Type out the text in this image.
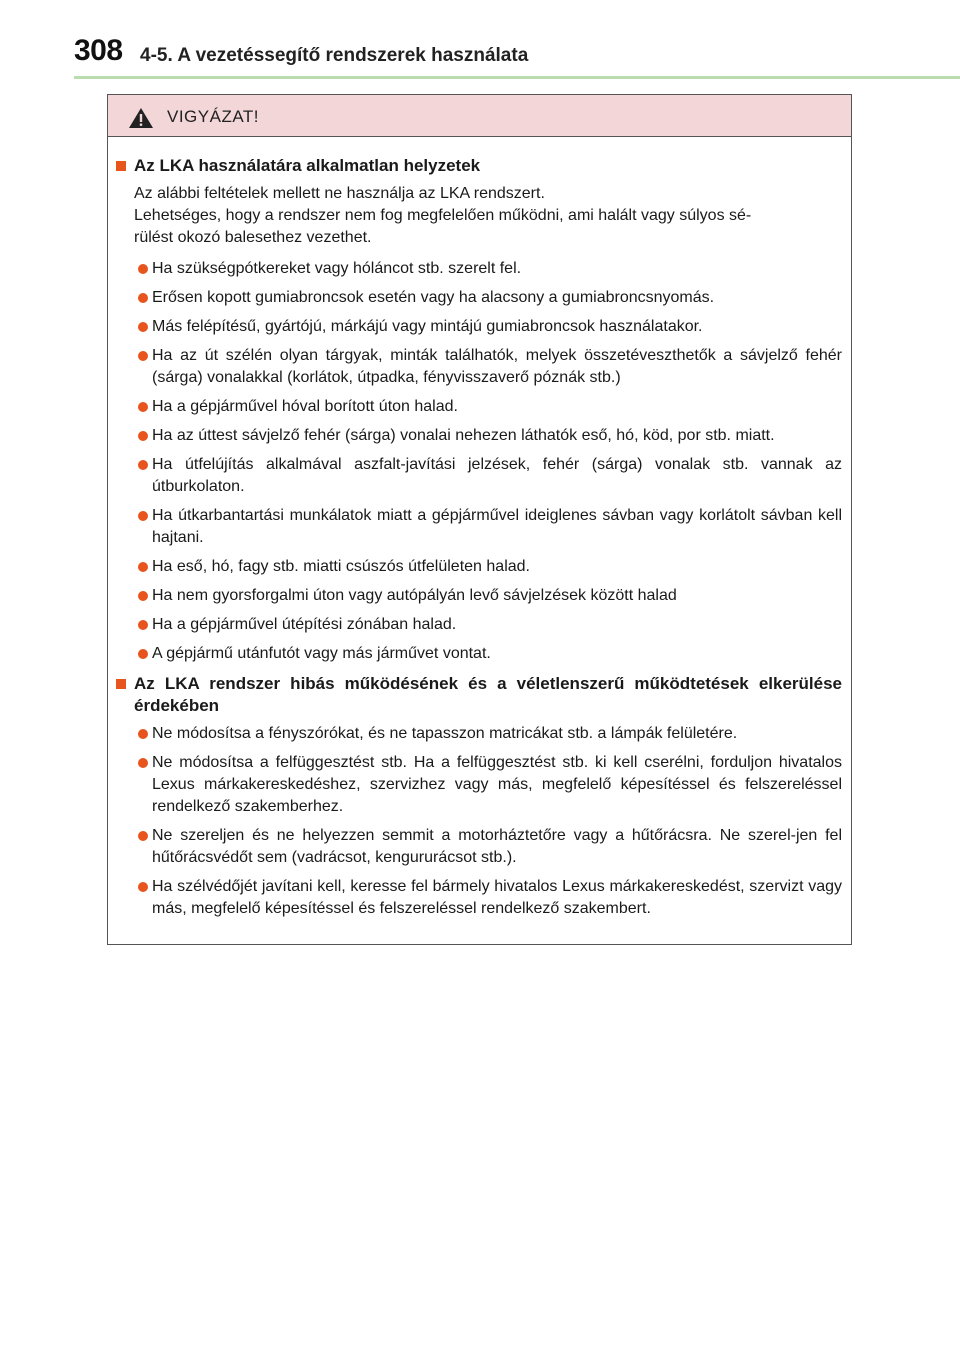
308 4-5. A vezetéssegítő rendszerek használata
VIGYÁZAT!
Az LKA használatára alkalmatlan helyzetek
Az alábbi feltételek mellett ne használja az LKA rendszert.
Lehetséges, hogy a rendszer nem fog megfelelően működni, ami halált vagy súlyos sé-
rülést okozó balesethez vezethet.
Ha szükségpótkereket vagy hóláncot stb. szerelt fel.
Erősen kopott gumiabroncsok esetén vagy ha alacsony a gumiabroncsnyomás.
Más felépítésű, gyártójú, márkájú vagy mintájú gumiabroncsok használatakor.
Ha az út szélén olyan tárgyak, minták találhatók, melyek összetéveszthetők a sávjelző fehér (sárga) vonalakkal (korlátok, útpadka, fényvisszaverő póznák stb.)
Ha a gépjárművel hóval borított úton halad.
Ha az úttest sávjelző fehér (sárga) vonalai nehezen láthatók eső, hó, köd, por stb. miatt.
Ha útfelújítás alkalmával aszfalt-javítási jelzések, fehér (sárga) vonalak stb. vannak az útburkolaton.
Ha útkarbantartási munkálatok miatt a gépjárművel ideiglenes sávban vagy korlátolt sávban kell hajtani.
Ha eső, hó, fagy stb. miatti csúszós útfelületen halad.
Ha nem gyorsforgalmi úton vagy autópályán levő sávjelzések között halad
Ha a gépjárművel útépítési zónában halad.
A gépjármű utánfutót vagy más járművet vontat.
Az LKA rendszer hibás működésének és a véletlenszerű működtetések elkerülése érdekében
Ne módosítsa a fényszórókat, és ne tapasszon matricákat stb. a lámpák felületére.
Ne módosítsa a felfüggesztést stb. Ha a felfüggesztést stb. ki kell cserélni, forduljon hivatalos Lexus márkakereskedéshez, szervizhez vagy más, megfelelő képesítéssel és felszereléssel rendelkező szakemberhez.
Ne szereljen és ne helyezzen semmit a motorháztetőre vagy a hűtőrácsra. Ne szerel-jen fel hűtőrácsvédőt sem (vadrácsot, kengururácsot stb.).
Ha szélvédőjét javítani kell, keresse fel bármely hivatalos Lexus márkakereskedést, szervizt vagy más, megfelelő képesítéssel és felszereléssel rendelkező szakembert.
